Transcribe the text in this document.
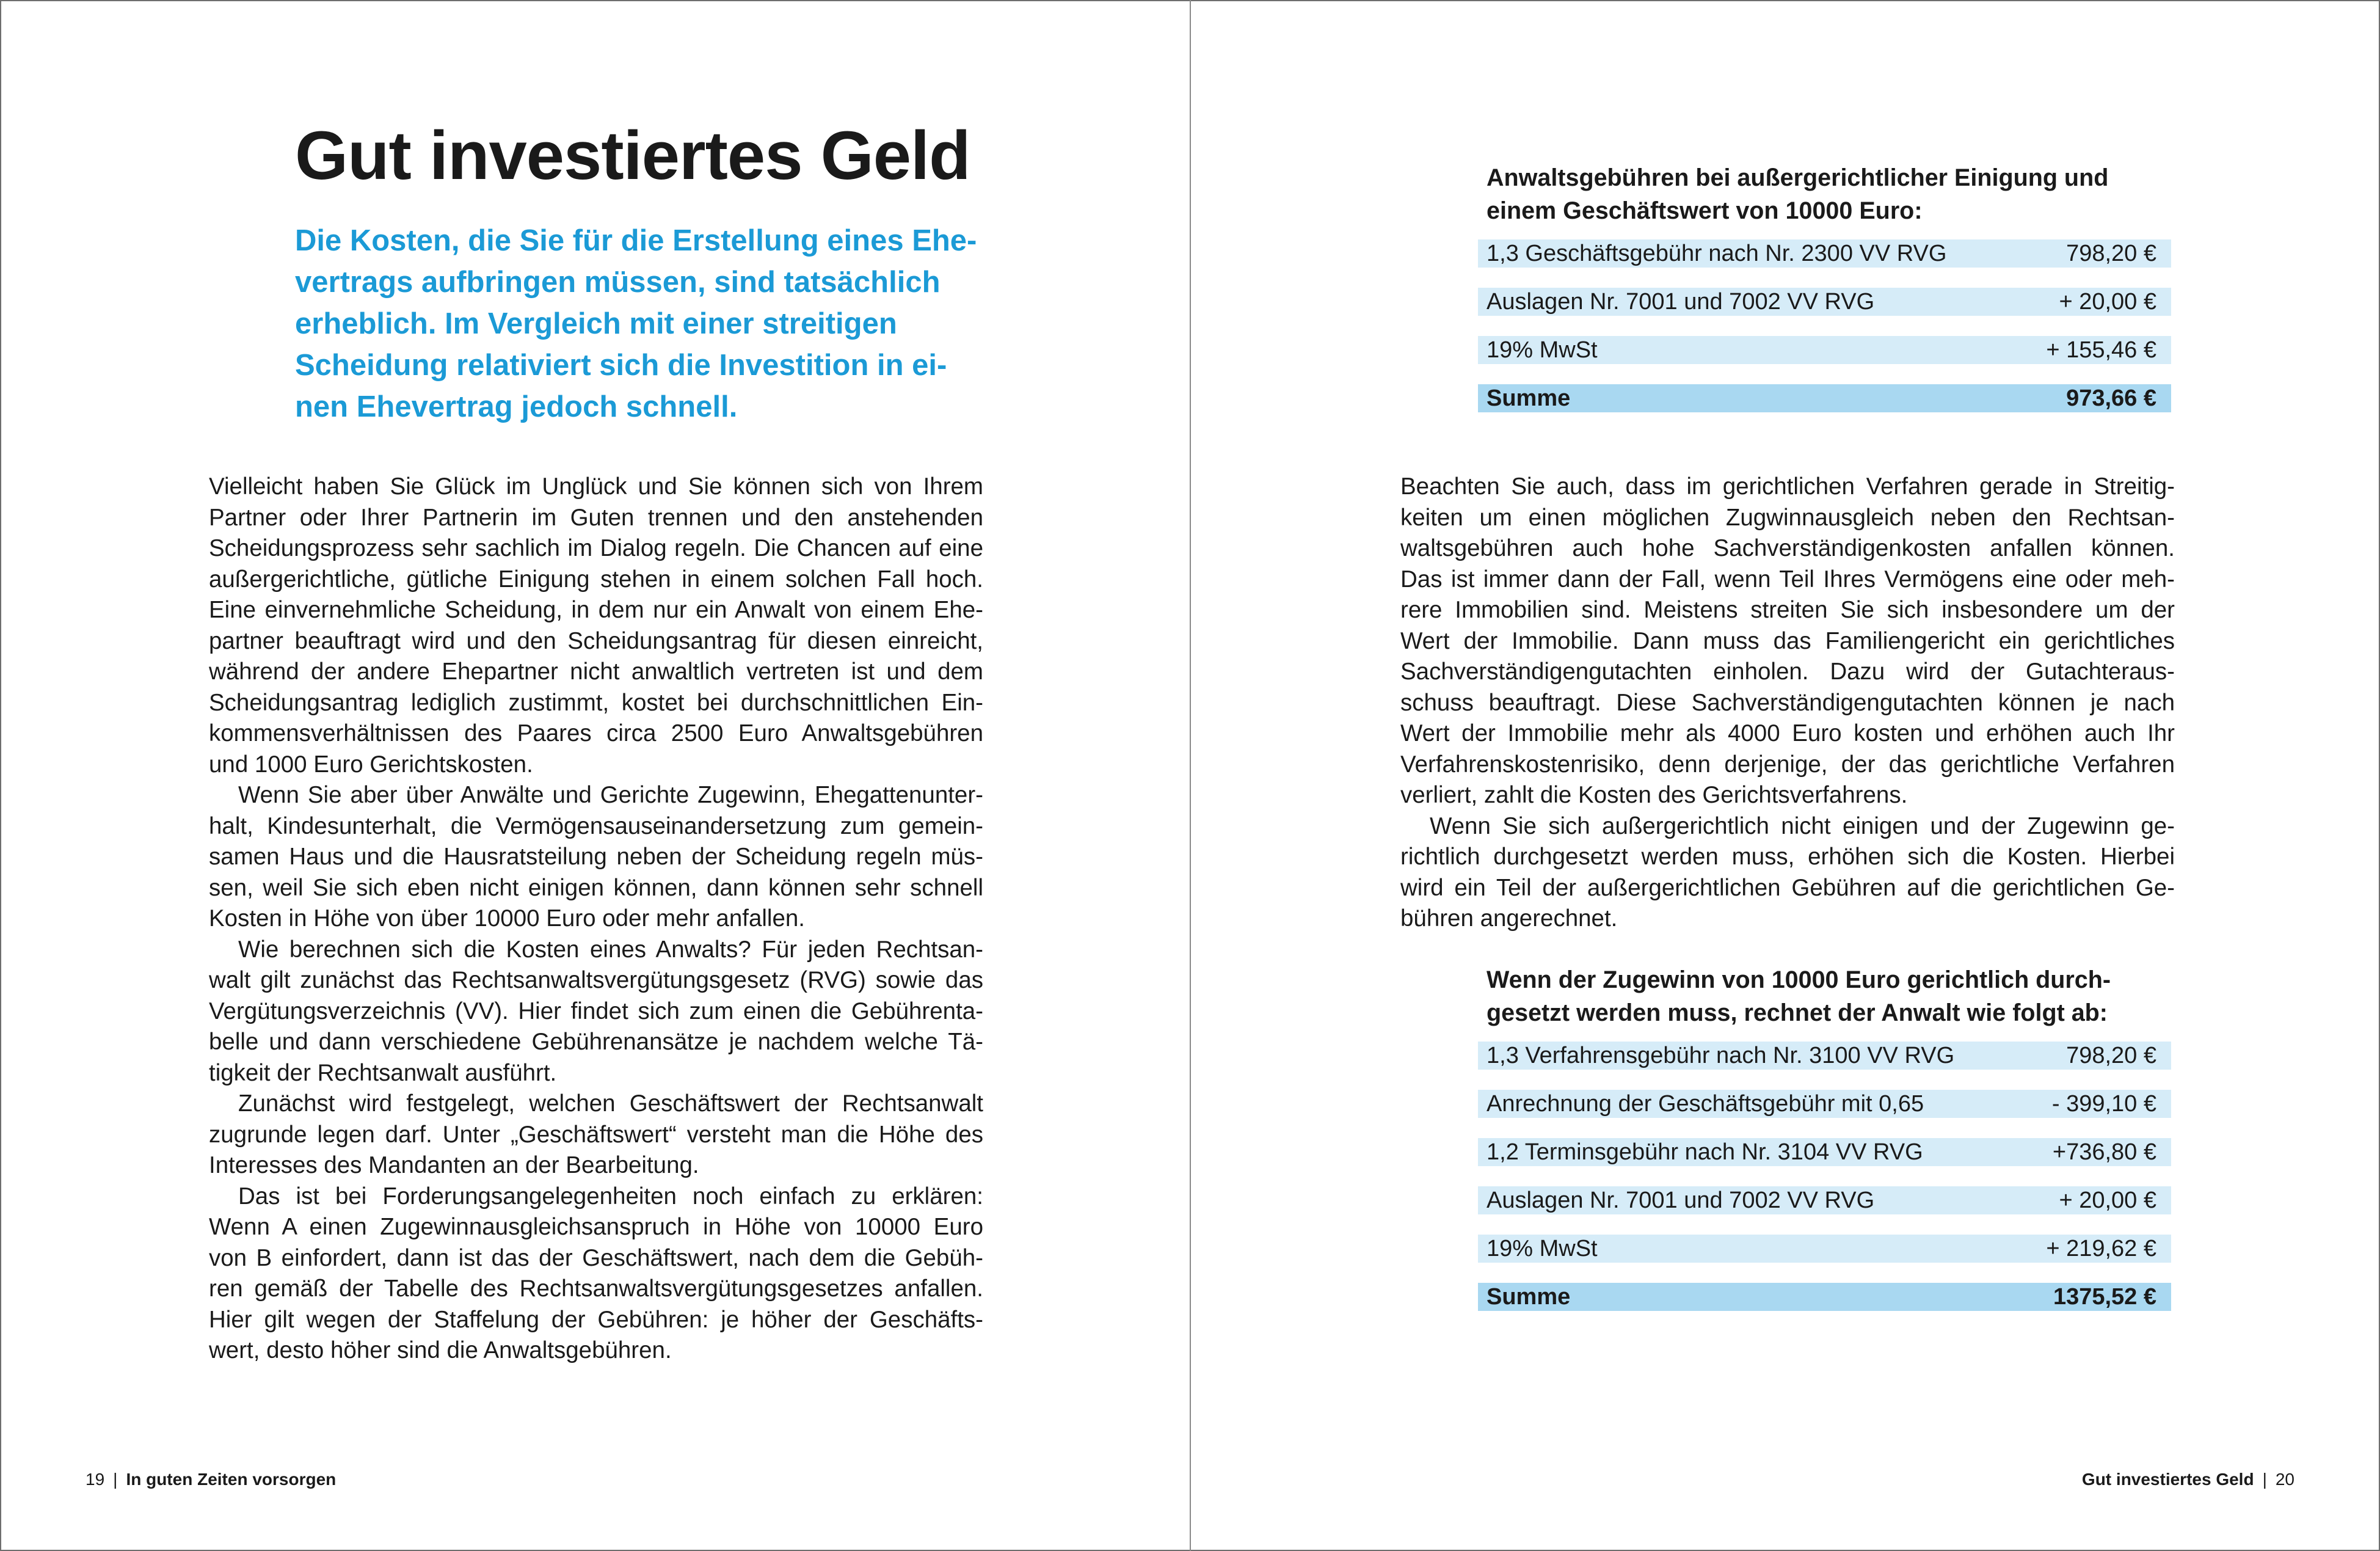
Gut investiertes Geld
Die Kosten, die Sie für die Erstellung eines Ehe-
vertrags aufbringen müssen, sind tatsächlich
erheblich. Im Vergleich mit einer streitigen
Scheidung relativiert sich die Investition in ei-
nen Ehevertrag jedoch schnell.

Vielleicht haben Sie Glück im Unglück und Sie können sich von Ihrem
Partner oder Ihrer Partnerin im Guten trennen und den anstehenden
Scheidungsprozess sehr sachlich im Dialog regeln. Die Chancen auf eine
außergerichtliche, gütliche Einigung stehen in einem solchen Fall hoch.
Eine einvernehmliche Scheidung, in dem nur ein Anwalt von einem Ehe-
partner beauftragt wird und den Scheidungsantrag für diesen einreicht,
während der andere Ehepartner nicht anwaltlich vertreten ist und dem
Scheidungsantrag lediglich zustimmt, kostet bei durchschnittlichen Ein-
kommensverhältnissen des Paares circa 2500 Euro Anwaltsgebühren
und 1000 Euro Gerichtskosten.

Wenn Sie aber über Anwälte und Gerichte Zugewinn, Ehegattenunter-
halt, Kindesunterhalt, die Vermögensauseinandersetzung zum gemein-
samen Haus und die Hausratsteilung neben der Scheidung regeln müs-
sen, weil Sie sich eben nicht einigen können, dann können sehr schnell
Kosten in Höhe von über 10000 Euro oder mehr anfallen.

Wie berechnen sich die Kosten eines Anwalts? Für jeden Rechtsan-
walt gilt zunächst das Rechtsanwaltsvergütungsgesetz (RVG) sowie das
Vergütungsverzeichnis (VV). Hier findet sich zum einen die Gebührenta-
belle und dann verschiedene Gebührenansätze je nachdem welche Tä-
tigkeit der Rechtsanwalt ausführt.

Zunächst wird festgelegt, welchen Geschäftswert der Rechtsanwalt
zugrunde legen darf. Unter „Geschäftswert“ versteht man die Höhe des
Interesses des Mandanten an der Bearbeitung.

Das ist bei Forderungsangelegenheiten noch einfach zu erklären:
Wenn A einen Zugewinnausgleichsanspruch in Höhe von 10000 Euro
von B einfordert, dann ist das der Geschäftswert, nach dem die Gebüh-
ren gemäß der Tabelle des Rechtsanwaltsvergütungsgesetzes anfallen.
Hier gilt wegen der Staffelung der Gebühren: je höher der Geschäfts-
wert, desto höher sind die Anwaltsgebühren.

19 | In guten Zeiten vorsorgen
Anwaltsgebühren bei außergerichtlicher Einigung und
einem Geschäftswert von 10000 Euro:
1,3 Geschäftsgebühr nach Nr. 2300 VV RVG	798,20 €
Auslagen Nr. 7001 und 7002 VV RVG	+ 20,00 €
19% MwSt	+ 155,46 €
Summe	973,66 €

Beachten Sie auch, dass im gerichtlichen Verfahren gerade in Streitig-
keiten um einen möglichen Zugwinnausgleich neben den Rechtsan-
waltsgebühren auch hohe Sachverständigenkosten anfallen können.
Das ist immer dann der Fall, wenn Teil Ihres Vermögens eine oder meh-
rere Immobilien sind. Meistens streiten Sie sich insbesondere um der
Wert der Immobilie. Dann muss das Familiengericht ein gerichtliches
Sachverständigengutachten einholen. Dazu wird der Gutachteraus-
schuss beauftragt. Diese Sachverständigengutachten können je nach
Wert der Immobilie mehr als 4000 Euro kosten und erhöhen auch Ihr
Verfahrenskostenrisiko, denn derjenige, der das gerichtliche Verfahren
verliert, zahlt die Kosten des Gerichtsverfahrens.

Wenn Sie sich außergerichtlich nicht einigen und der Zugewinn ge-
richtlich durchgesetzt werden muss, erhöhen sich die Kosten. Hierbei
wird ein Teil der außergerichtlichen Gebühren auf die gerichtlichen Ge-
bühren angerechnet.

Wenn der Zugewinn von 10000 Euro gerichtlich durch-
gesetzt werden muss, rechnet der Anwalt wie folgt ab:
1,3 Verfahrensgebühr nach Nr. 3100 VV RVG	798,20 €
Anrechnung der Geschäftsgebühr mit 0,65	- 399,10 €
1,2 Terminsgebühr nach Nr. 3104 VV RVG	+736,80 €
Auslagen Nr. 7001 und 7002 VV RVG	+ 20,00 €
19% MwSt	+ 219,62 €
Summe	1375,52 €
Gut investiertes Geld | 20
